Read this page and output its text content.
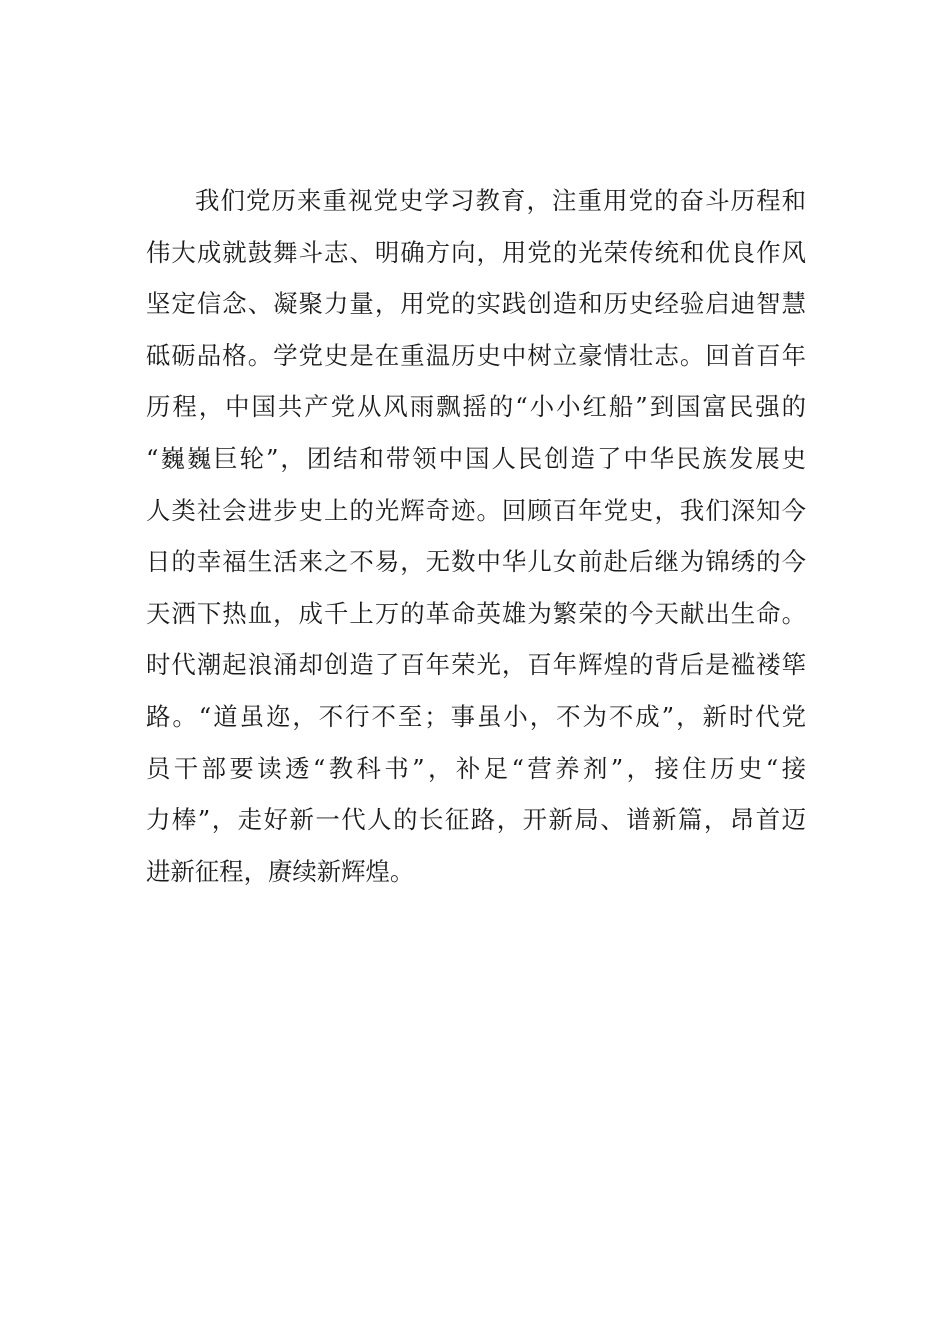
我们党历来重视党史学习教育，注重用党的奋斗历程和
伟大成就鼓舞斗志、明确方向，用党的光荣传统和优良作风
坚定信念、凝聚力量，用党的实践创造和历史经验启迪智慧
砥砺品格。学党史是在重温历史中树立豪情壮志。回首百年
历程，中国共产党从风雨飘摇的“小小红船”到国富民强的
“巍巍巨轮”，团结和带领中国人民创造了中华民族发展史
人类社会进步史上的光辉奇迹。回顾百年党史，我们深知今
日的幸福生活来之不易，无数中华儿女前赴后继为锦绣的今
天洒下热血，成千上万的革命英雄为繁荣的今天献出生命。
时代潮起浪涌却创造了百年荣光，百年辉煌的背后是褴褛筚
路。“道虽迩，不行不至；事虽小，不为不成”，新时代党
员干部要读透“教科书”，补足“营养剂”，接住历史“接
力棒”，走好新一代人的长征路，开新局、谱新篇，昂首迈
进新征程，赓续新辉煌。
